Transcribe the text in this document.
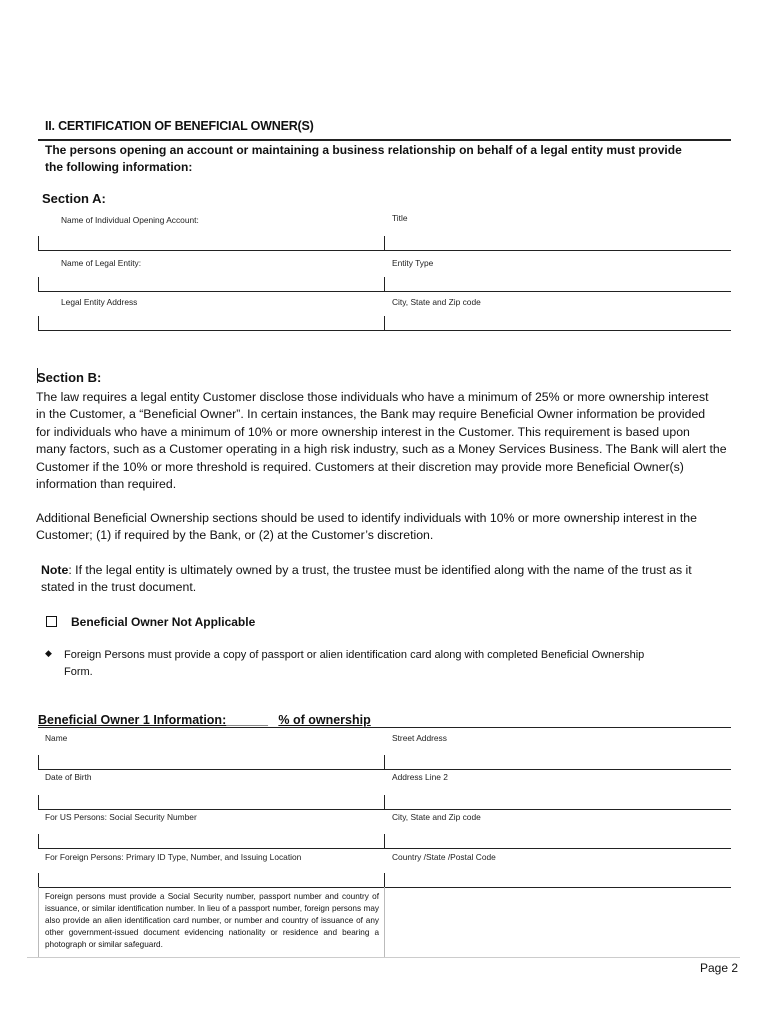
II. CERTIFICATION OF BENEFICIAL OWNER(S)
The persons opening an account or maintaining a business relationship on behalf of a legal entity must provide
the following information:
Section A:
Name of Individual Opening Account:	Title
Name of Legal Entity:	Entity Type
Legal Entity Address	City, State and Zip code
Section B:
The law requires a legal entity Customer disclose those individuals who have a minimum of 25% or more ownership interest
in the Customer, a “Beneficial Owner”. In certain instances, the Bank may require Beneficial Owner information be provided
for individuals who have a minimum of 10% or more ownership interest in the Customer. This requirement is based upon
many factors, such as a Customer operating in a high risk industry, such as a Money Services Business. The Bank will alert the
Customer if the 10% or more threshold is required. Customers at their discretion may provide more Beneficial Owner(s)
information than required.
Additional Beneficial Ownership sections should be used to identify individuals with 10% or more ownership interest in the
Customer; (1) if required by the Bank, or (2) at the Customer’s discretion.
Note: If the legal entity is ultimately owned by a trust, the trustee must be identified along with the name of the trust as it
stated in the trust document.
Beneficial Owner Not Applicable
◆ Foreign Persons must provide a copy of passport or alien identification card along with completed Beneficial Ownership
Form.
Beneficial Owner 1 Information:______ % of ownership
Name	Street Address
Date of Birth	Address Line 2
For US Persons: Social Security Number	City, State and Zip code
For Foreign Persons: Primary ID Type, Number, and Issuing Location	Country /State /Postal Code
Foreign persons must provide a Social Security number, passport number and country of issuance, or similar identification number. In lieu of a passport number, foreign persons may also provide an alien identification card number, or number and country of issuance of any other government-issued document evidencing nationality or residence and bearing a photograph or similar safeguard.
Page 2
